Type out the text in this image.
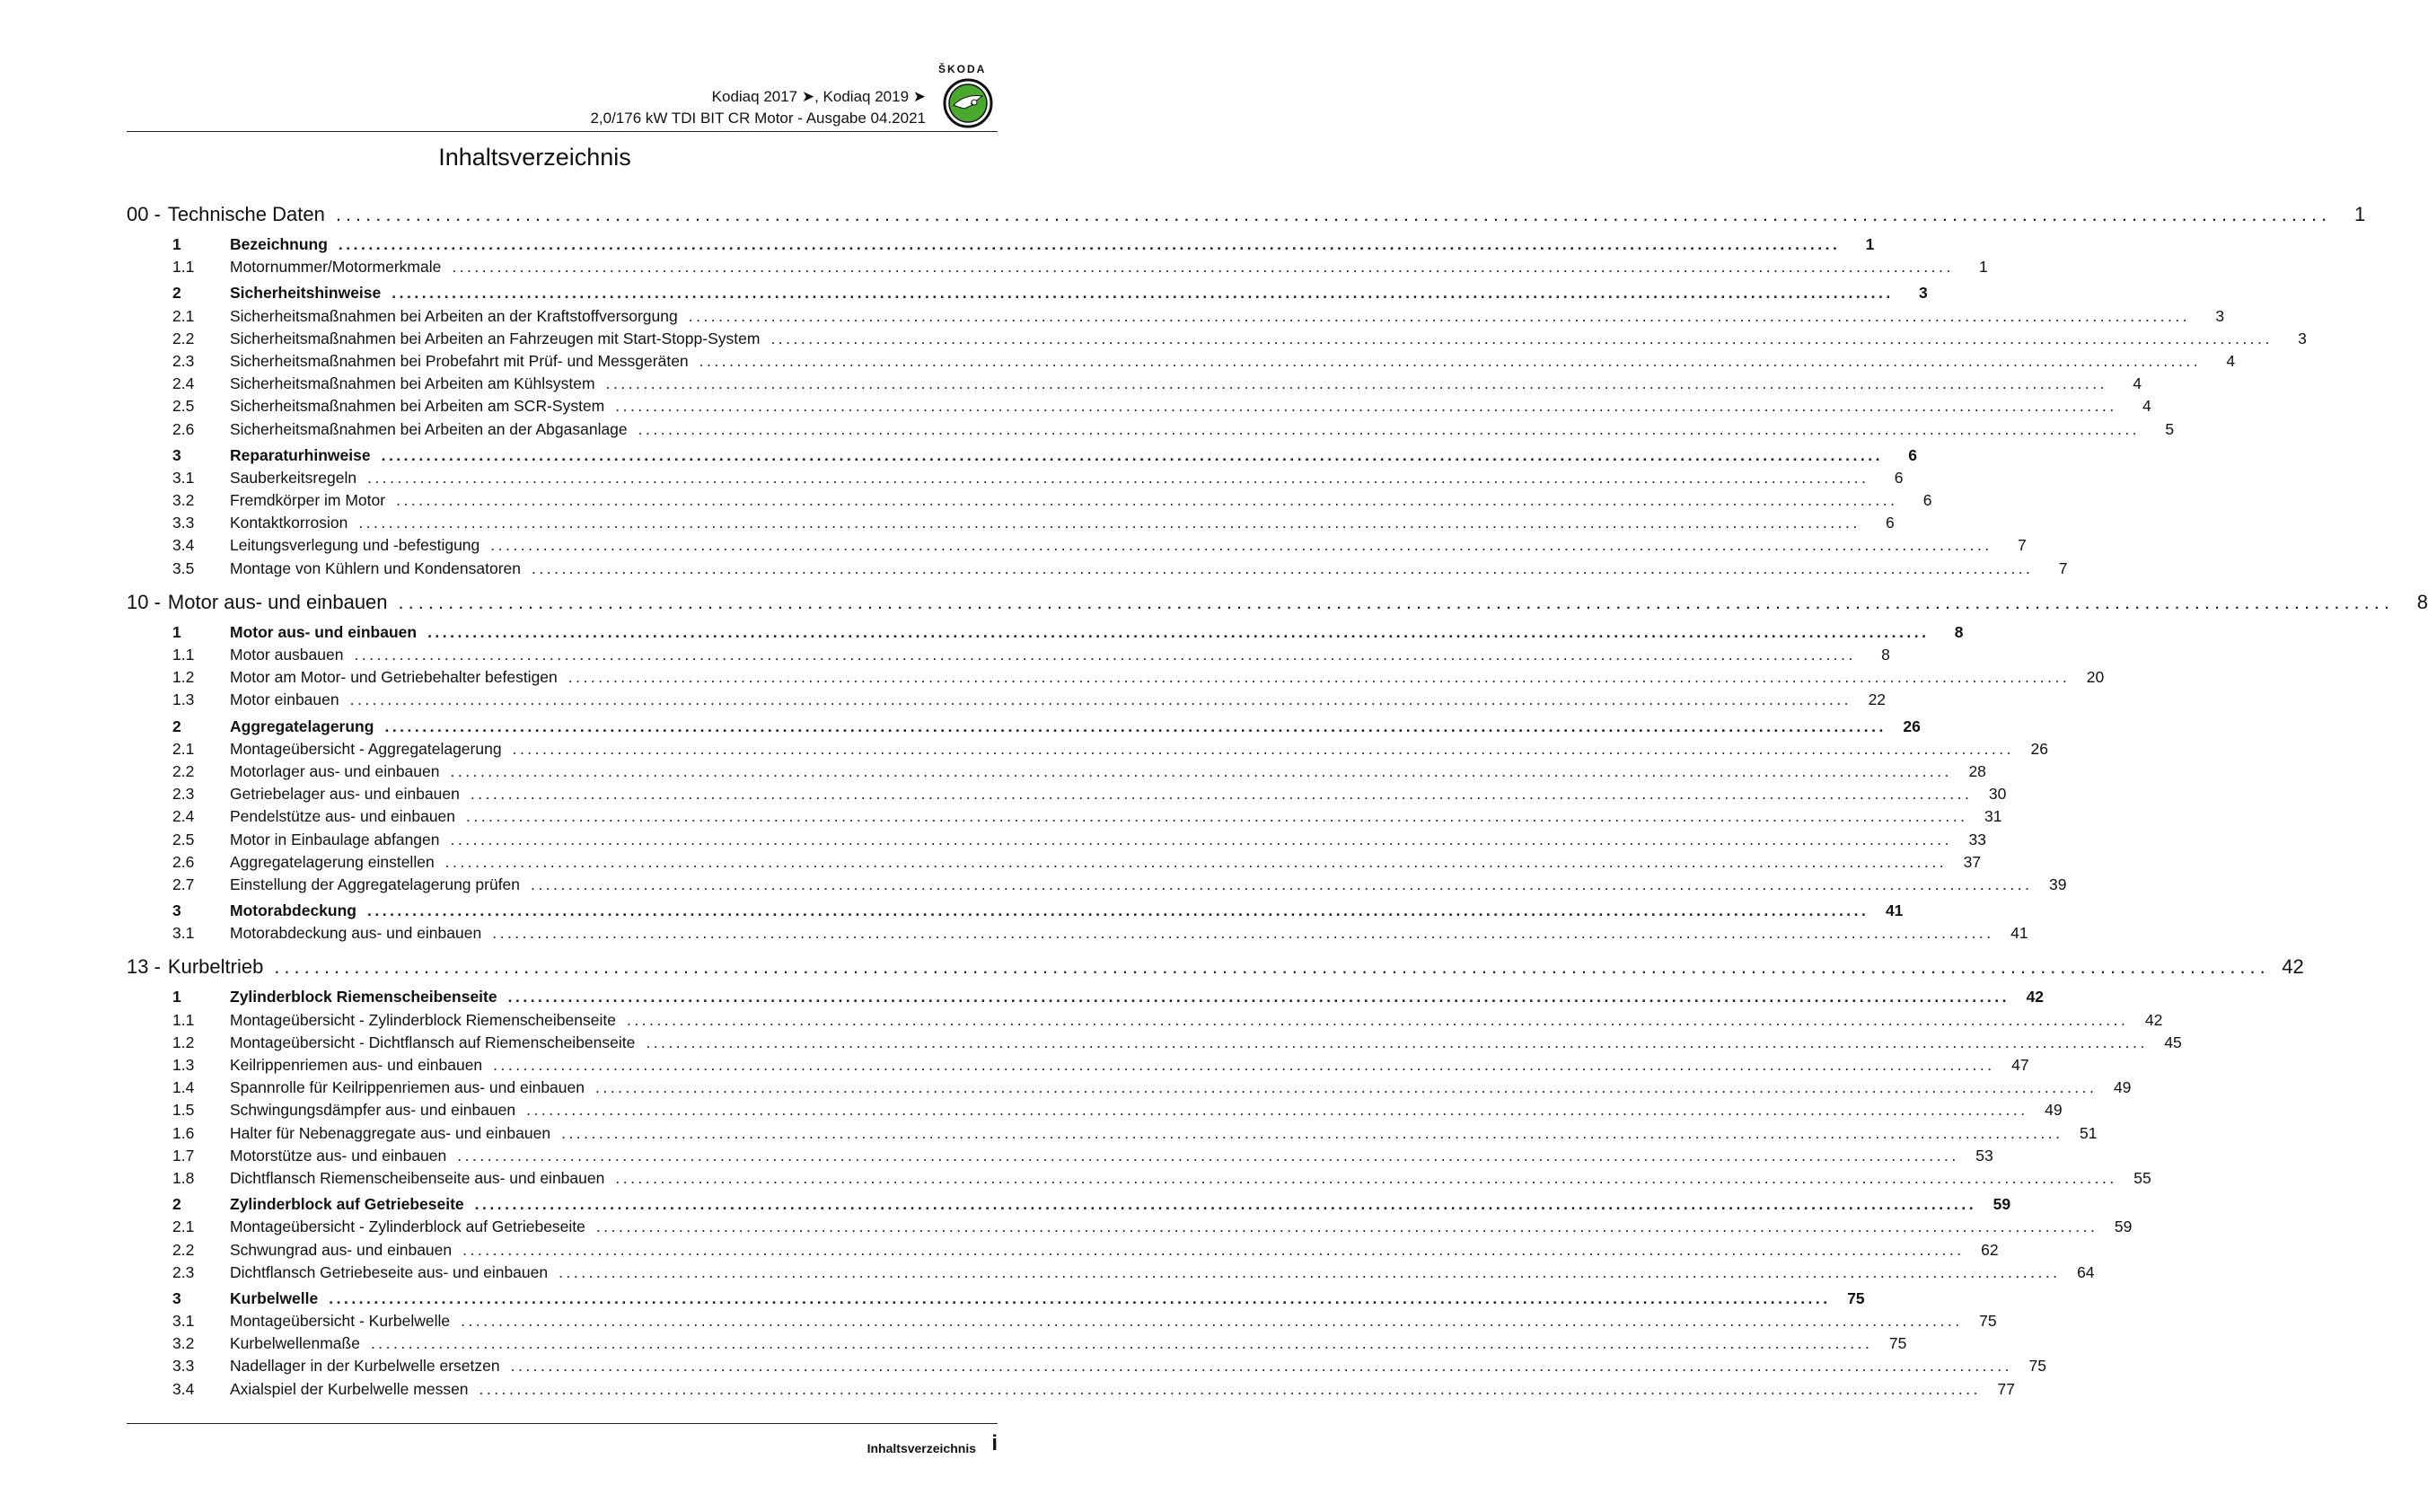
ŠKODA
Kodiaq 2017 ➤, Kodiaq 2019 ➤
2,0/176 kW TDI BIT CR Motor - Ausgabe 04.2021
Inhaltsverzeichnis
00 - Technische Daten ........................................................................................................................................................................................................	1
1	Bezeichnung ........................................................................................................................................................................................................	1
1.1	Motornummer/Motormerkmale ........................................................................................................................................................................................................	1
2	Sicherheitshinweise ........................................................................................................................................................................................................	3
2.1	Sicherheitsmaßnahmen bei Arbeiten an der Kraftstoffversorgung ........................................................................................................................................................................................................	3
2.2	Sicherheitsmaßnahmen bei Arbeiten an Fahrzeugen mit Start-Stopp-System ........................................................................................................................................................................................................	3
2.3	Sicherheitsmaßnahmen bei Probefahrt mit Prüf- und Messgeräten ........................................................................................................................................................................................................	4
2.4	Sicherheitsmaßnahmen bei Arbeiten am Kühlsystem ........................................................................................................................................................................................................	4
2.5	Sicherheitsmaßnahmen bei Arbeiten am SCR-System ........................................................................................................................................................................................................	4
2.6	Sicherheitsmaßnahmen bei Arbeiten an der Abgasanlage ........................................................................................................................................................................................................	5
3	Reparaturhinweise ........................................................................................................................................................................................................	6
3.1	Sauberkeitsregeln ........................................................................................................................................................................................................	6
3.2	Fremdkörper im Motor ........................................................................................................................................................................................................	6
3.3	Kontaktkorrosion ........................................................................................................................................................................................................	6
3.4	Leitungsverlegung und -befestigung ........................................................................................................................................................................................................	7
3.5	Montage von Kühlern und Kondensatoren ........................................................................................................................................................................................................	7
10 - Motor aus- und einbauen ........................................................................................................................................................................................................	8
1	Motor aus- und einbauen ........................................................................................................................................................................................................	8
1.1	Motor ausbauen ........................................................................................................................................................................................................	8
1.2	Motor am Motor- und Getriebehalter befestigen ........................................................................................................................................................................................................	20
1.3	Motor einbauen ........................................................................................................................................................................................................	22
2	Aggregatelagerung ........................................................................................................................................................................................................	26
2.1	Montageübersicht - Aggregatelagerung ........................................................................................................................................................................................................	26
2.2	Motorlager aus- und einbauen ........................................................................................................................................................................................................	28
2.3	Getriebelager aus- und einbauen ........................................................................................................................................................................................................	30
2.4	Pendelstütze aus- und einbauen ........................................................................................................................................................................................................	31
2.5	Motor in Einbaulage abfangen ........................................................................................................................................................................................................	33
2.6	Aggregatelagerung einstellen ........................................................................................................................................................................................................	37
2.7	Einstellung der Aggregatelagerung prüfen ........................................................................................................................................................................................................	39
3	Motorabdeckung ........................................................................................................................................................................................................	41
3.1	Motorabdeckung aus- und einbauen ........................................................................................................................................................................................................	41
13 - Kurbeltrieb ........................................................................................................................................................................................................ 42
1	Zylinderblock Riemenscheibenseite ........................................................................................................................................................................................................	42
1.1	Montageübersicht - Zylinderblock Riemenscheibenseite ........................................................................................................................................................................................................	42
1.2	Montageübersicht - Dichtflansch auf Riemenscheibenseite ........................................................................................................................................................................................................	45
1.3	Keilrippenriemen aus- und einbauen ........................................................................................................................................................................................................	47
1.4	Spannrolle für Keilrippenriemen aus- und einbauen ........................................................................................................................................................................................................	49
1.5	Schwingungsdämpfer aus- und einbauen ........................................................................................................................................................................................................	49
1.6	Halter für Nebenaggregate aus- und einbauen ........................................................................................................................................................................................................	51
1.7	Motorstütze aus- und einbauen ........................................................................................................................................................................................................	53
1.8	Dichtflansch Riemenscheibenseite aus- und einbauen ........................................................................................................................................................................................................	55
2	Zylinderblock auf Getriebeseite ........................................................................................................................................................................................................	59
2.1	Montageübersicht - Zylinderblock auf Getriebeseite ........................................................................................................................................................................................................	59
2.2	Schwungrad aus- und einbauen ........................................................................................................................................................................................................	62
2.3	Dichtflansch Getriebeseite aus- und einbauen ........................................................................................................................................................................................................	64
3	Kurbelwelle ........................................................................................................................................................................................................	75
3.1	Montageübersicht - Kurbelwelle ........................................................................................................................................................................................................	75
3.2	Kurbelwellenmaße ........................................................................................................................................................................................................	75
3.3	Nadellager in der Kurbelwelle ersetzen ........................................................................................................................................................................................................	75
3.4	Axialspiel der Kurbelwelle messen ........................................................................................................................................................................................................	77
Inhaltsverzeichnis i
